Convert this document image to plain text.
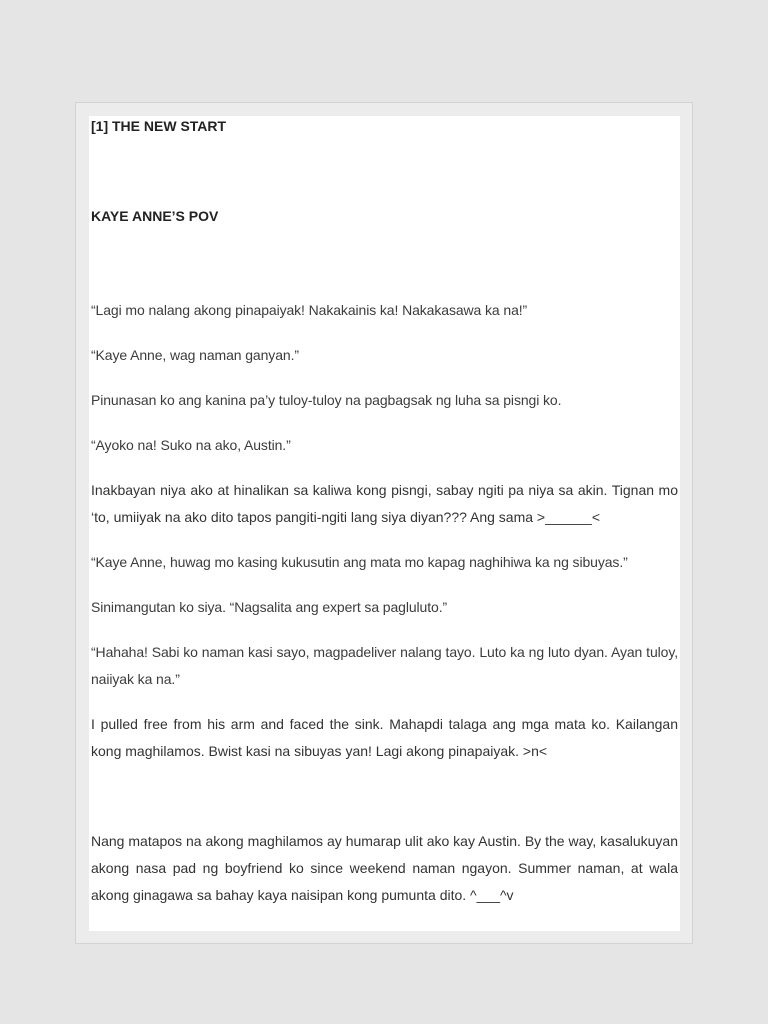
[1] THE NEW START

KAYE ANNE’S POV

“Lagi mo nalang akong pinapaiyak! Nakakainis ka! Nakakasawa ka na!”

“Kaye Anne, wag naman ganyan.”

Pinunasan ko ang kanina pa’y tuloy-tuloy na pagbagsak ng luha sa pisngi ko.

“Ayoko na! Suko na ako, Austin.”

Inakbayan niya ako at hinalikan sa kaliwa kong pisngi, sabay ngiti pa niya sa akin. Tignan mo ‘to, umiiyak na ako dito tapos pangiti-ngiti lang siya diyan??? Ang sama >______<

“Kaye Anne, huwag mo kasing kukusutin ang mata mo kapag naghihiwa ka ng sibuyas.”

Sinimangutan ko siya. “Nagsalita ang expert sa pagluluto.”

“Hahaha! Sabi ko naman kasi sayo, magpadeliver nalang tayo. Luto ka ng luto dyan. Ayan tuloy, naiiyak ka na.”

I pulled free from his arm and faced the sink. Mahapdi talaga ang mga mata ko. Kailangan kong maghilamos. Bwist kasi na sibuyas yan! Lagi akong pinapaiyak. >n<

Nang matapos na akong maghilamos ay humarap ulit ako kay Austin. By the way, kasalukuyan akong nasa pad ng boyfriend ko since weekend naman ngayon. Summer naman, at wala akong ginagawa sa bahay kaya naisipan kong pumunta dito. ^___^v
